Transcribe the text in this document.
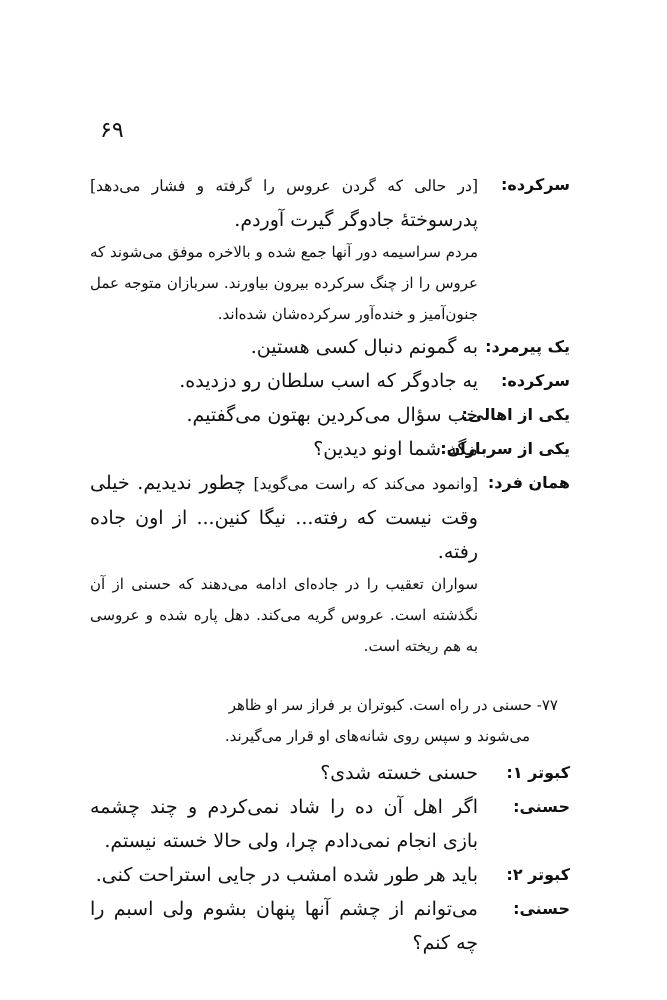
۶۹
سرکرده:
[در حالی که گردن عروس را گرفته و فشار می‌دهد] پدرسوختهٔ جادوگر گیرت آوردم.
مردم سراسیمه دور آنها جمع شده و بالاخره موفق می‌شوند که عروس را از چنگ سرکرده بیرون بیاورند. سربازان متوجه عمل جنون‌آمیز و خنده‌آور سرکرده‌شان شده‌اند.
یک پیرمرد:
به گمونم دنبال کسی هستین.
سرکرده:
یه جادوگر که اسب سلطان رو دزدیده.
یکی از اهالی:
خب سؤال می‌کردین بهتون می‌گفتیم.
یکی از سربازان:
مگه شما اونو دیدین؟
همان فرد:
[وانمود می‌کند که راست می‌گوید] چطور ندیدیم. خیلی وقت نیست که رفته... نیگا کنین... از اون جاده رفته.
سواران تعقیب را در جاده‌ای ادامه می‌دهند که حسنی از آن نگذشته است. عروس گریه می‌کند. دهل پاره شده و عروسی به هم ریخته است.
۷۷- حسنی در راه است. کبوتران بر فراز سر او ظاهر
می‌شوند و سپس روی شانه‌های او قرار می‌گیرند.
کبوتر ۱:
حسنی خسته شدی؟
حسنی:
اگر اهل آن ده را شاد نمی‌کردم و چند چشمه بازی انجام نمی‌دادم چرا، ولی حالا خسته نیستم.
کبوتر ۲:
باید هر طور شده امشب در جایی استراحت کنی.
حسنی:
می‌توانم از چشم آنها پنهان بشوم ولی اسبم را چه کنم؟
